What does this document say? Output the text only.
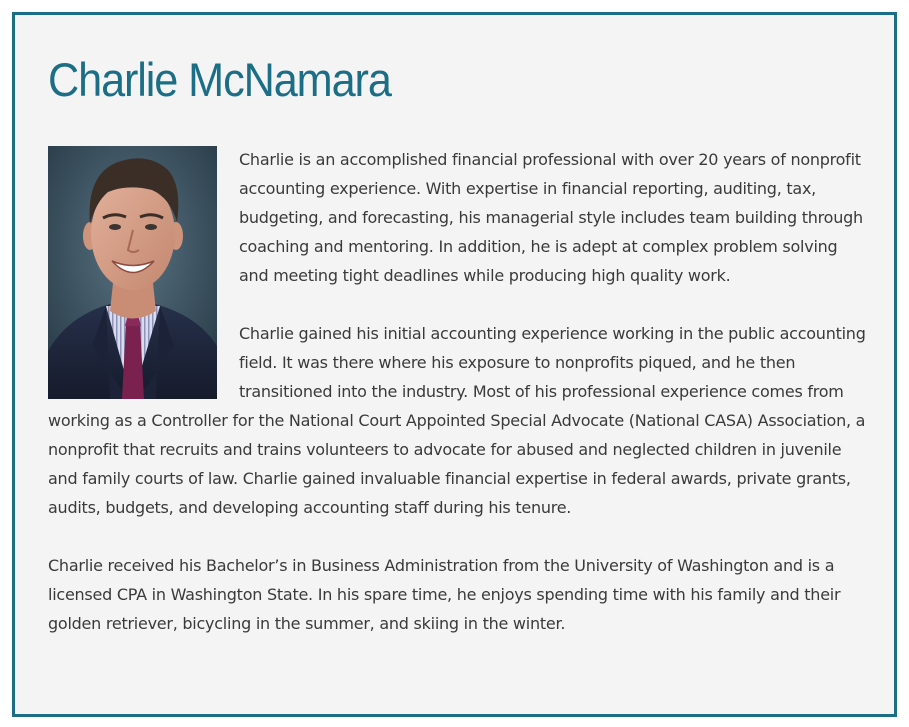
Charlie McNamara

Charlie is an accomplished financial professional with over 20 years of nonprofit accounting experience. With expertise in financial reporting, auditing, tax, budgeting, and forecasting, his managerial style includes team building through coaching and mentoring. In addition, he is adept at complex problem solving and meeting tight deadlines while producing high quality work.

Charlie gained his initial accounting experience working in the public accounting field. It was there where his exposure to nonprofits piqued, and he then transitioned into the industry. Most of his professional experience comes from working as a Controller for the National Court Appointed Special Advocate (National CASA) Association, a nonprofit that recruits and trains volunteers to advocate for abused and neglected children in juvenile and family courts of law. Charlie gained invaluable financial expertise in federal awards, private grants, audits, budgets, and developing accounting staff during his tenure.

Charlie received his Bachelor’s in Business Administration from the University of Washington and is a licensed CPA in Washington State. In his spare time, he enjoys spending time with his family and their golden retriever, bicycling in the summer, and skiing in the winter.
